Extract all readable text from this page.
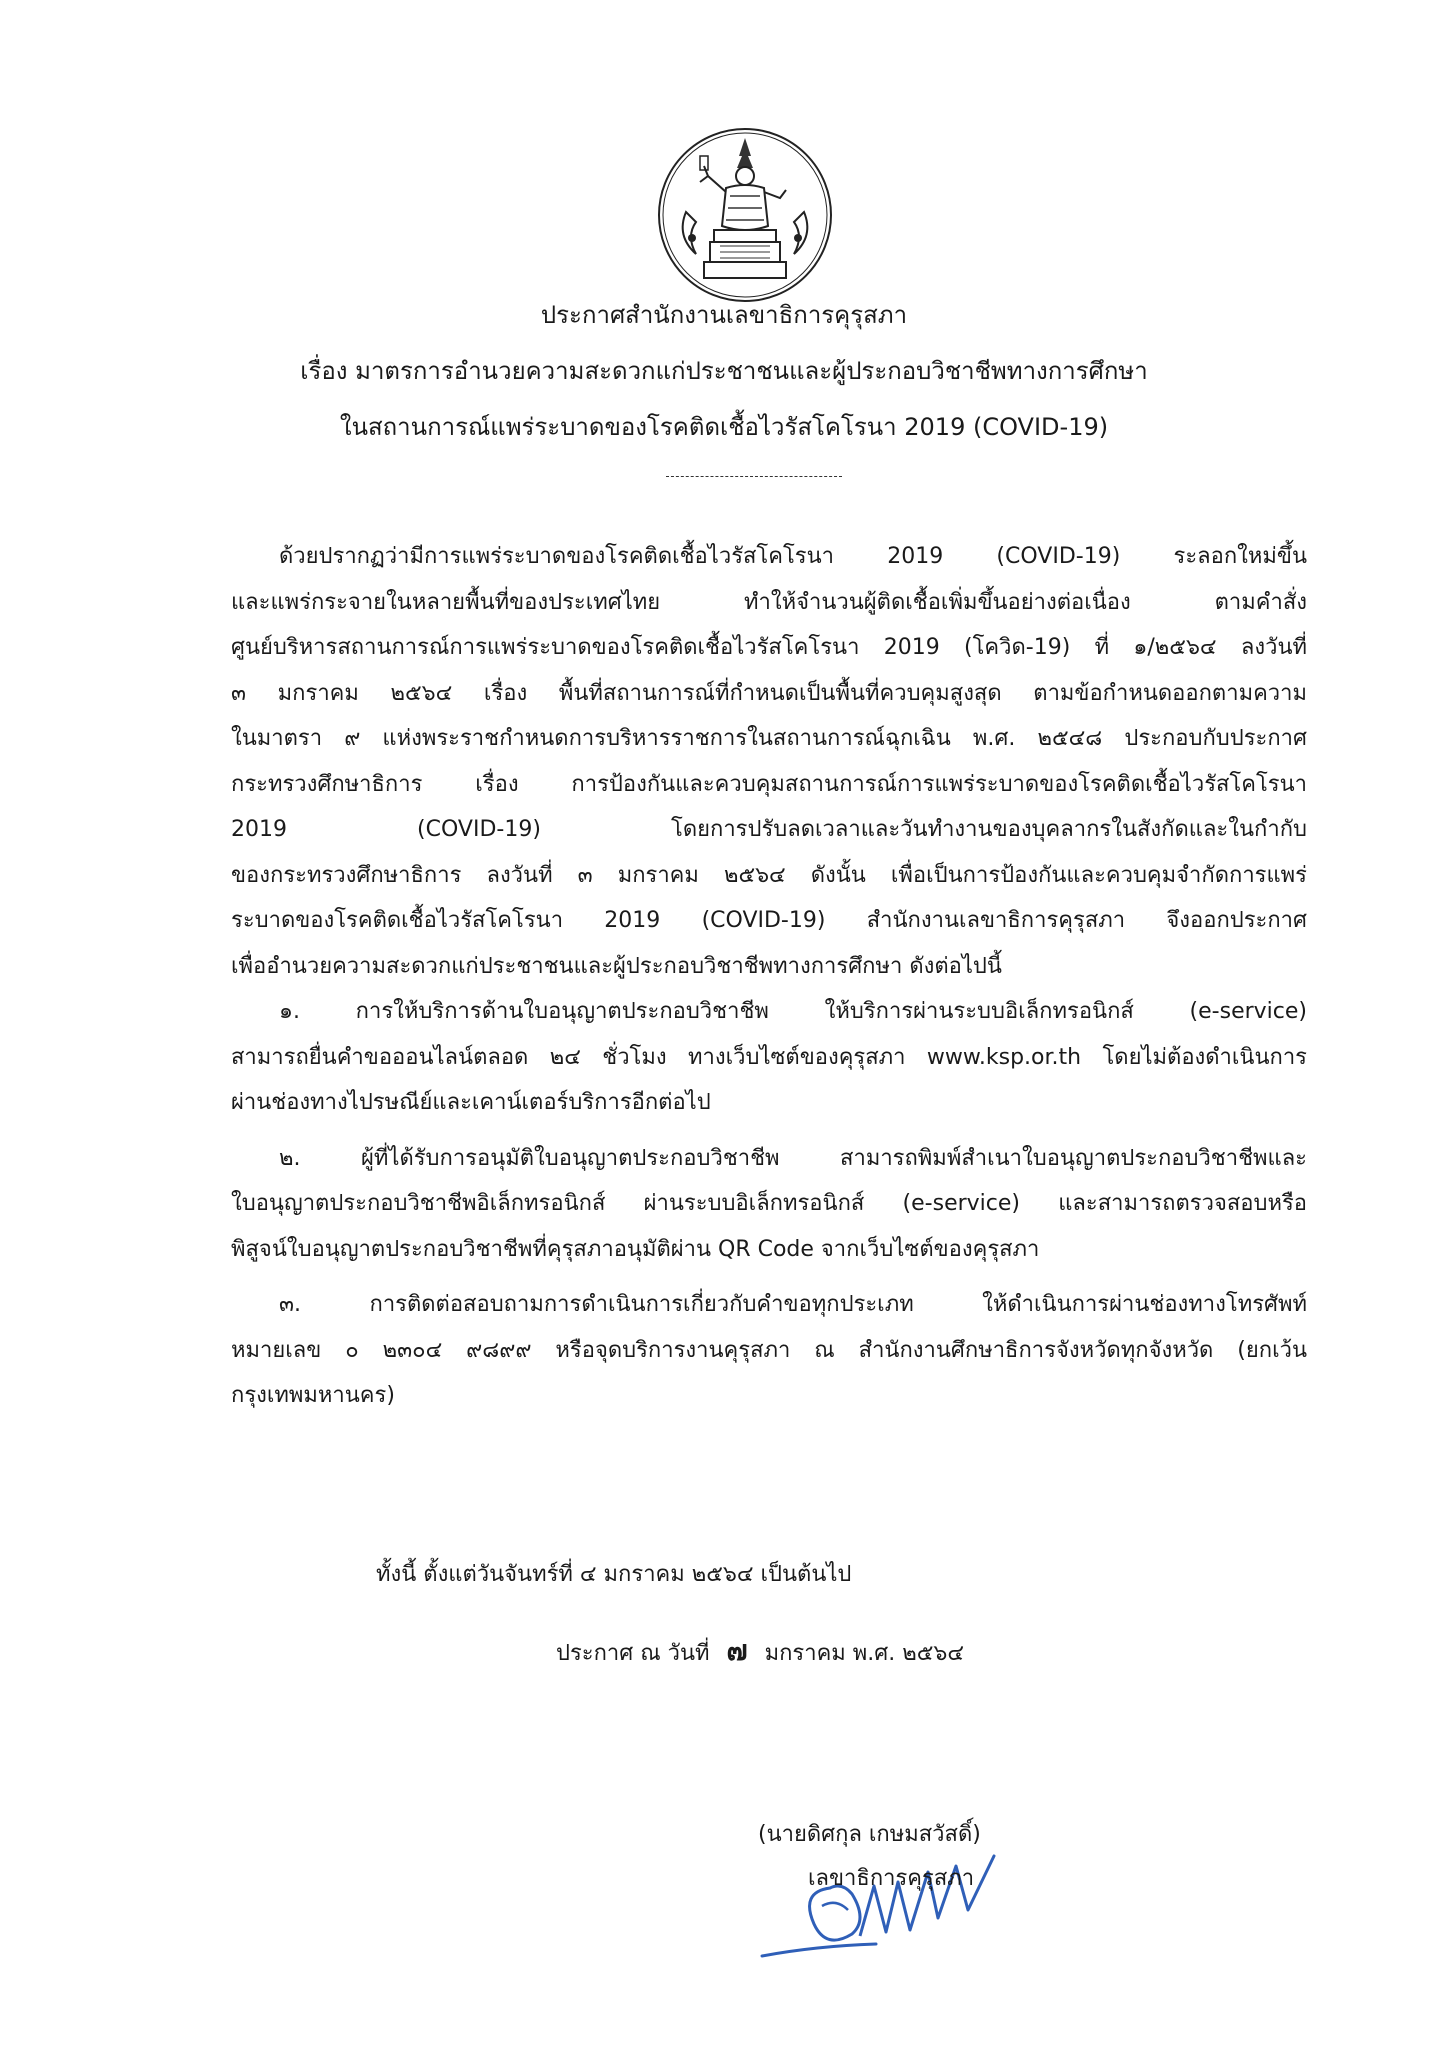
ประกาศสำนักงานเลขาธิการคุรุสภา
เรื่อง มาตรการอำนวยความสะดวกแก่ประชาชนและผู้ประกอบวิชาชีพทางการศึกษา
ในสถานการณ์แพร่ระบาดของโรคติดเชื้อไวรัสโคโรนา 2019 (COVID-19)
ด้วยปรากฏว่ามีการแพร่ระบาดของโรคติดเชื้อไวรัสโคโรนา 2019 (COVID-19) ระลอกใหม่ขึ้น
และแพร่กระจายในหลายพื้นที่ของประเทศไทย ทำให้จำนวนผู้ติดเชื้อเพิ่มขึ้นอย่างต่อเนื่อง ตามคำสั่ง
ศูนย์บริหารสถานการณ์การแพร่ระบาดของโรคติดเชื้อไวรัสโคโรนา 2019 (โควิด-19) ที่ ๑/๒๕๖๔ ลงวันที่
๓ มกราคม ๒๕๖๔ เรื่อง พื้นที่สถานการณ์ที่กำหนดเป็นพื้นที่ควบคุมสูงสุด ตามข้อกำหนดออกตามความ
ในมาตรา ๙ แห่งพระราชกำหนดการบริหารราชการในสถานการณ์ฉุกเฉิน พ.ศ. ๒๕๔๘ ประกอบกับประกาศ
กระทรวงศึกษาธิการ เรื่อง การป้องกันและควบคุมสถานการณ์การแพร่ระบาดของโรคติดเชื้อไวรัสโคโรนา
2019 (COVID-19) โดยการปรับลดเวลาและวันทำงานของบุคลากรในสังกัดและในกำกับ
ของกระทรวงศึกษาธิการ ลงวันที่ ๓ มกราคม ๒๕๖๔ ดังนั้น เพื่อเป็นการป้องกันและควบคุมจำกัดการแพร่
ระบาดของโรคติดเชื้อไวรัสโคโรนา 2019 (COVID-19) สำนักงานเลขาธิการคุรุสภา จึงออกประกาศ
เพื่ออำนวยความสะดวกแก่ประชาชนและผู้ประกอบวิชาชีพทางการศึกษา ดังต่อไปนี้
๑. การให้บริการด้านใบอนุญาตประกอบวิชาชีพ ให้บริการผ่านระบบอิเล็กทรอนิกส์ (e-service)
สามารถยื่นคำขอออนไลน์ตลอด ๒๔ ชั่วโมง ทางเว็บไซต์ของคุรุสภา www.ksp.or.th โดยไม่ต้องดำเนินการ
ผ่านช่องทางไปรษณีย์และเคาน์เตอร์บริการอีกต่อไป
๒. ผู้ที่ได้รับการอนุมัติใบอนุญาตประกอบวิชาชีพ สามารถพิมพ์สำเนาใบอนุญาตประกอบวิชาชีพและ
ใบอนุญาตประกอบวิชาชีพอิเล็กทรอนิกส์ ผ่านระบบอิเล็กทรอนิกส์ (e-service) และสามารถตรวจสอบหรือ
พิสูจน์ใบอนุญาตประกอบวิชาชีพที่คุรุสภาอนุมัติผ่าน QR Code จากเว็บไซต์ของคุรุสภา
๓. การติดต่อสอบถามการดำเนินการเกี่ยวกับคำขอทุกประเภท ให้ดำเนินการผ่านช่องทางโทรศัพท์
หมายเลข ๐ ๒๓๐๔ ๙๘๙๙ หรือจุดบริการงานคุรุสภา ณ สำนักงานศึกษาธิการจังหวัดทุกจังหวัด (ยกเว้น
กรุงเทพมหานคร)
ทั้งนี้ ตั้งแต่วันจันทร์ที่ ๔ มกราคม ๒๕๖๔ เป็นต้นไป
ประกาศ ณ วันที่ ๗ มกราคม พ.ศ. ๒๕๖๔
(นายดิศกุล เกษมสวัสดิ์)
เลขาธิการคุรุสภา
